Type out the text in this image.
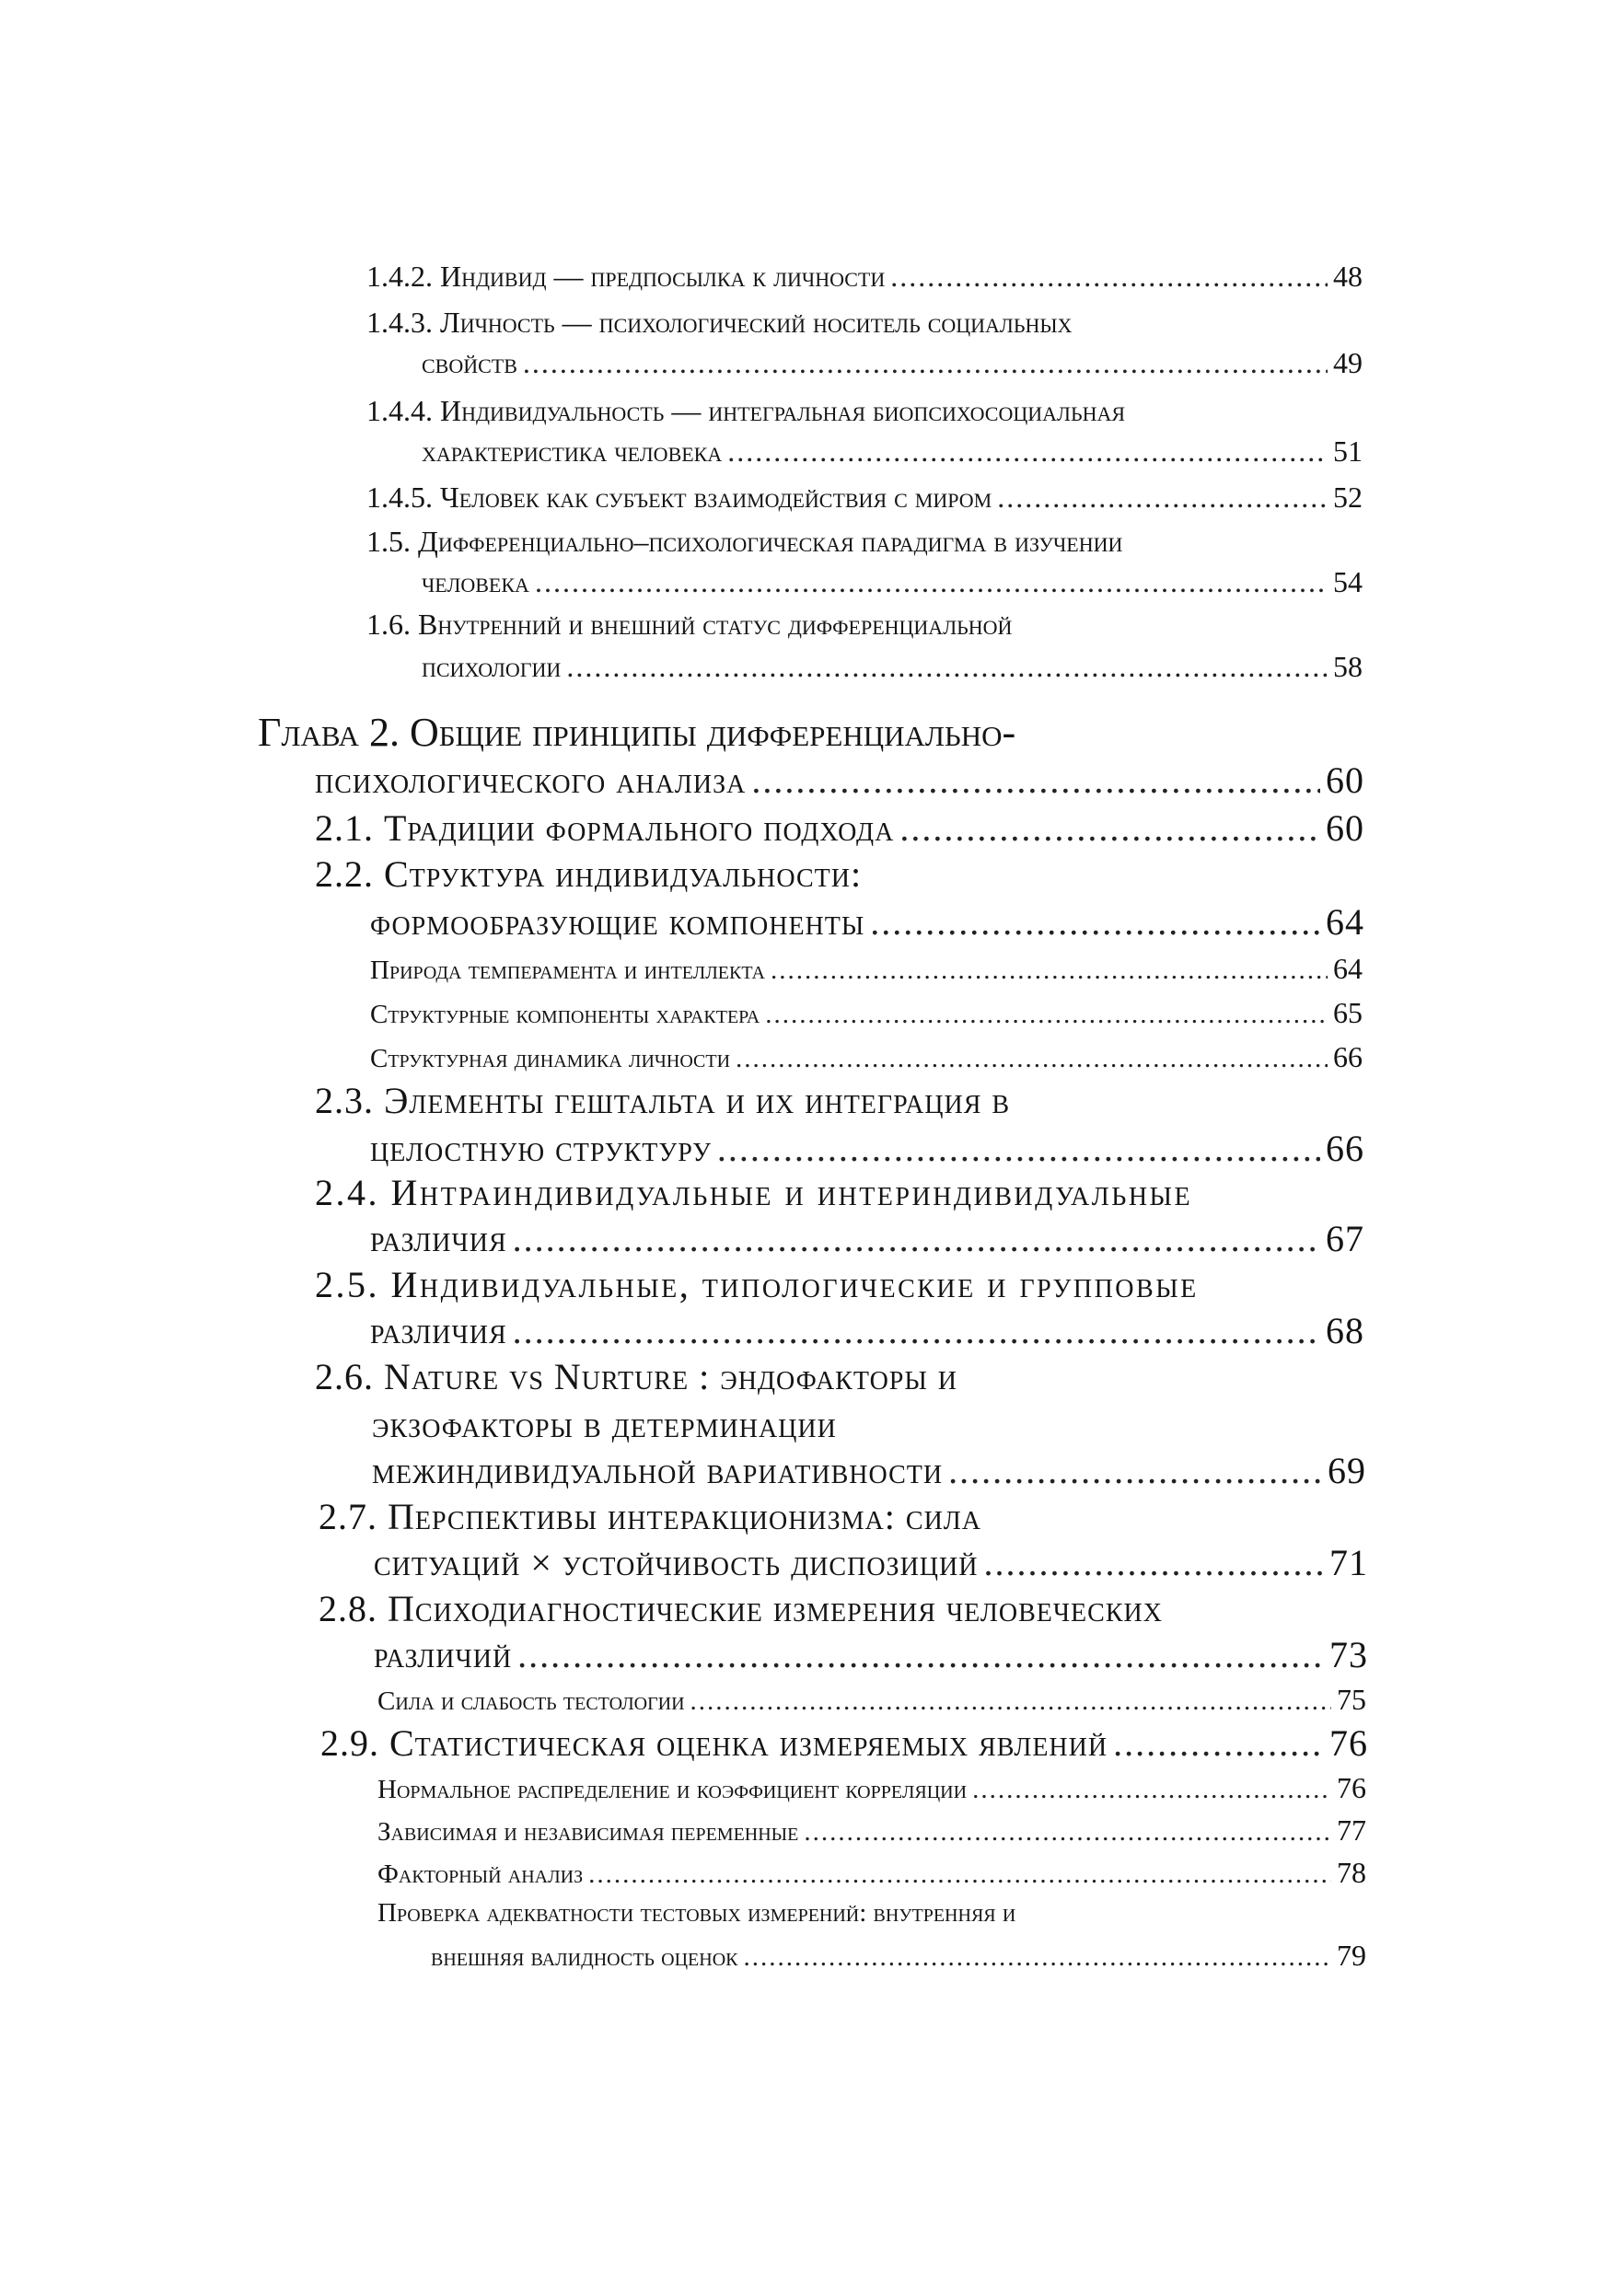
1.4.2. Индивид — предпосылка к личности .....	48
1.4.3. Личность — психологический носитель социальных
свойств .....	49
1.4.4. Индивидуальность — интегральная биопсихосоциальная
характеристика человека .....	51
1.4.5. Человек как субъект взаимодействия с миром .....	52
1.5. Дифференциально–психологическая парадигма в изучении
человека .....	54
1.6. Внутренний и внешний статус дифференциальной
психологии .....	58
Глава 2. Общие принципы дифференциально-
психологического анализа .....	60
2.1. Традиции формального подхода .....	60
2.2. Структура индивидуальности:
формообразующие компоненты .....	64
Природа темперамента и интеллекта .....	64
Структурные компоненты характера .....	65
Структурная динамика личности .....	66
2.3. Элементы гештальта и их интеграция в
целостную структуру .....	66
2.4. Интраиндивидуальные и интериндивидуальные
различия .....	67
2.5. Индивидуальные, типологические и групповые
различия .....	68
2.6. Nature vs Nurture : эндофакторы и
экзофакторы в детерминации
межиндивидуальной вариативности .....	69
2.7. Перспективы интеракционизма: сила
ситуаций × устойчивость диспозиций .....	71
2.8. Психодиагностические измерения человеческих
различий .....	73
Сила и слабость тестологии .....	75
2.9. Статистическая оценка измеряемых явлений .....	76
Нормальное распределение и коэффициент корреляции .....	76
Зависимая и независимая переменные .....	77
Факторный анализ .....	78
Проверка адекватности тестовых измерений: внутренняя и
внешняя валидность оценок .....	79
